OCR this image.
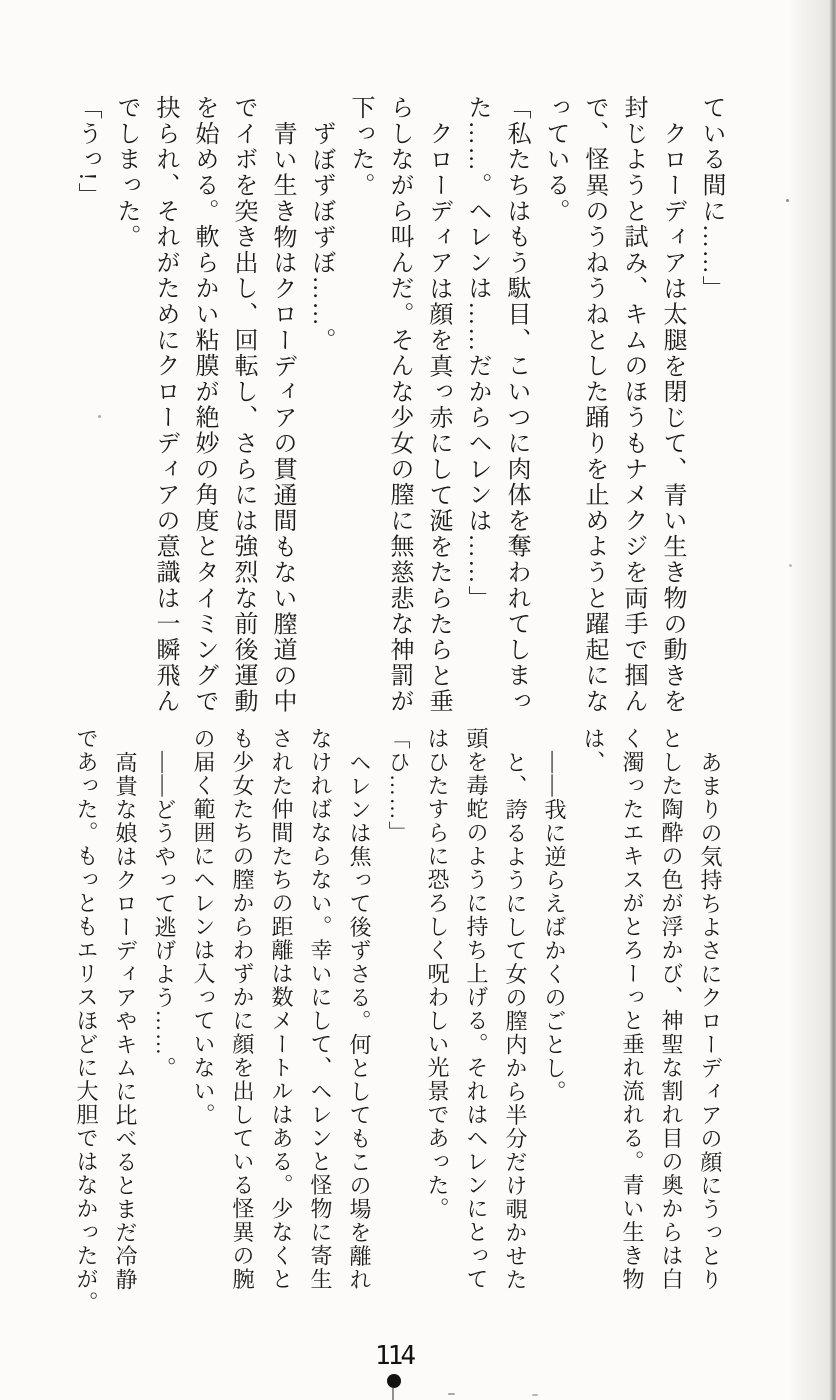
ている間に……」
クローディアは太腿を閉じて、青い生き物の動きを
封じようと試み、キムのほうもナメクジを両手で掴ん
で、怪異のうねうねとした踊りを止めようと躍起にな
っている。
「私たちはもう駄目、こいつに肉体を奪われてしまっ
た……。ヘレンは……だからヘレンは……」
クローディアは顔を真っ赤にして涎をたらたらと垂
らしながら叫んだ。そんな少女の膣に無慈悲な神罰が
下った。
ずぼずぼずぼ……。
青い生き物はクローディアの貫通間もない膣道の中
でイボを突き出し、回転し、さらには強烈な前後運動
を始める。軟らかい粘膜が絶妙の角度とタイミングで
抉られ、それがためにクローディアの意識は一瞬飛ん
でしまった。
「うっ!」
あまりの気持ちよさにクローディアの顔にうっとり
とした陶酔の色が浮かび、神聖な割れ目の奥からは白
く濁ったエキスがとろーっと垂れ流れる。青い生き物
は、
——我に逆らえばかくのごとし。
と、誇るようにして女の膣内から半分だけ覗かせた
頭を毒蛇のように持ち上げる。それはヘレンにとって
はひたすらに恐ろしく呪わしい光景であった。
「ひ……」
ヘレンは焦って後ずさる。何としてもこの場を離れ
なければならない。幸いにして、ヘレンと怪物に寄生
された仲間たちの距離は数メートルはある。少なくと
も少女たちの膣からわずかに顔を出している怪異の腕
の届く範囲にヘレンは入っていない。
——どうやって逃げよう……。
高貴な娘はクローディアやキムに比べるとまだ冷静
であった。もっともエリスほどに大胆ではなかったが。
114
